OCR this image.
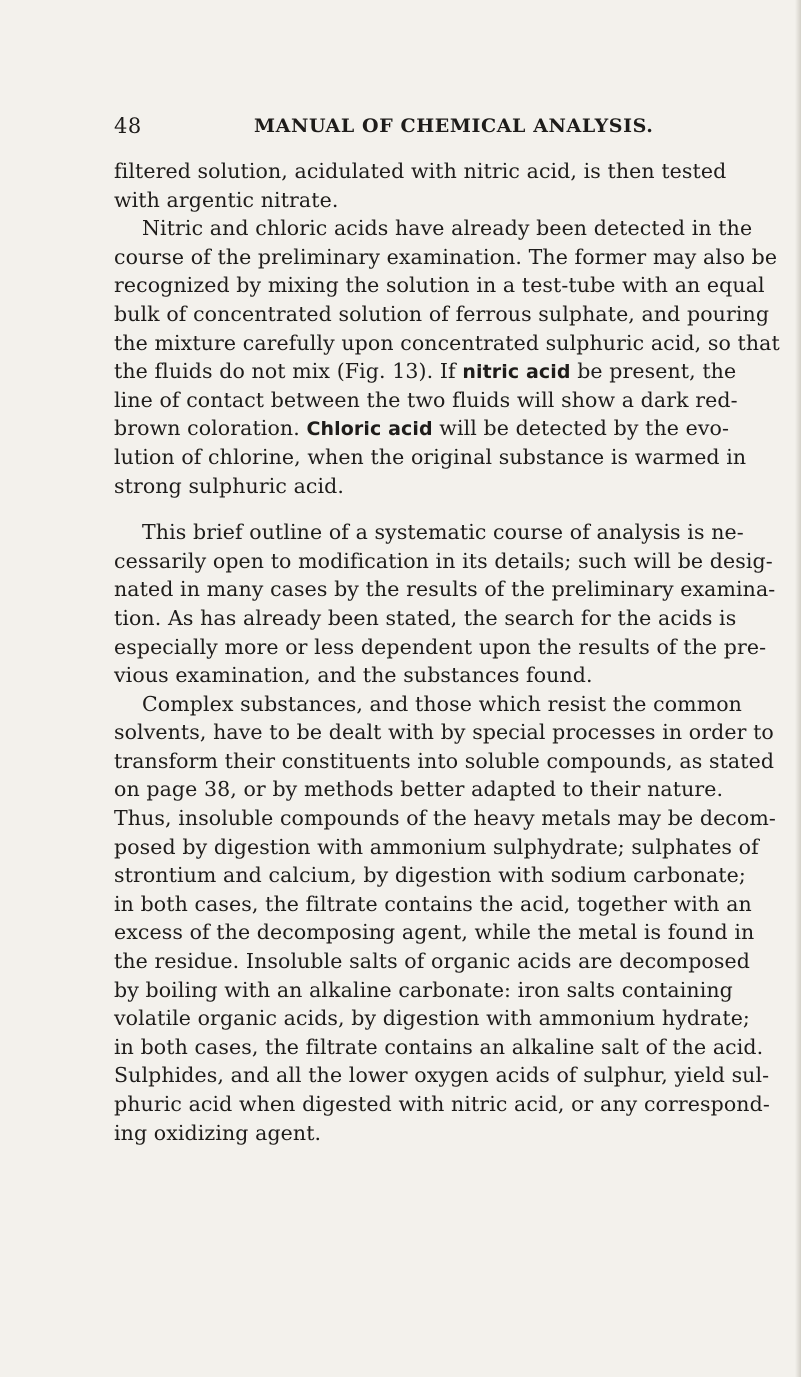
48	MANUAL OF CHEMICAL ANALYSIS.
filtered solution, acidulated with nitric acid, is then tested
with argentic nitrate.
Nitric and chloric acids have already been detected in the
course of the preliminary examination. The former may also be
recognized by mixing the solution in a test-tube with an equal
bulk of concentrated solution of ferrous sulphate, and pouring
the mixture carefully upon concentrated sulphuric acid, so that
the fluids do not mix (Fig. 13). If nitric acid be present, the
line of contact between the two fluids will show a dark red-
brown coloration. Chloric acid will be detected by the evo-
lution of chlorine, when the original substance is warmed in
strong sulphuric acid.
This brief outline of a systematic course of analysis is ne-
cessarily open to modification in its details; such will be desig-
nated in many cases by the results of the preliminary examina-
tion. As has already been stated, the search for the acids is
especially more or less dependent upon the results of the pre-
vious examination, and the substances found.
Complex substances, and those which resist the common
solvents, have to be dealt with by special processes in order to
transform their constituents into soluble compounds, as stated
on page 38, or by methods better adapted to their nature.
Thus, insoluble compounds of the heavy metals may be decom-
posed by digestion with ammonium sulphydrate; sulphates of
strontium and calcium, by digestion with sodium carbonate;
in both cases, the filtrate contains the acid, together with an
excess of the decomposing agent, while the metal is found in
the residue. Insoluble salts of organic acids are decomposed
by boiling with an alkaline carbonate: iron salts containing
volatile organic acids, by digestion with ammonium hydrate;
in both cases, the filtrate contains an alkaline salt of the acid.
Sulphides, and all the lower oxygen acids of sulphur, yield sul-
phuric acid when digested with nitric acid, or any correspond-
ing oxidizing agent.
